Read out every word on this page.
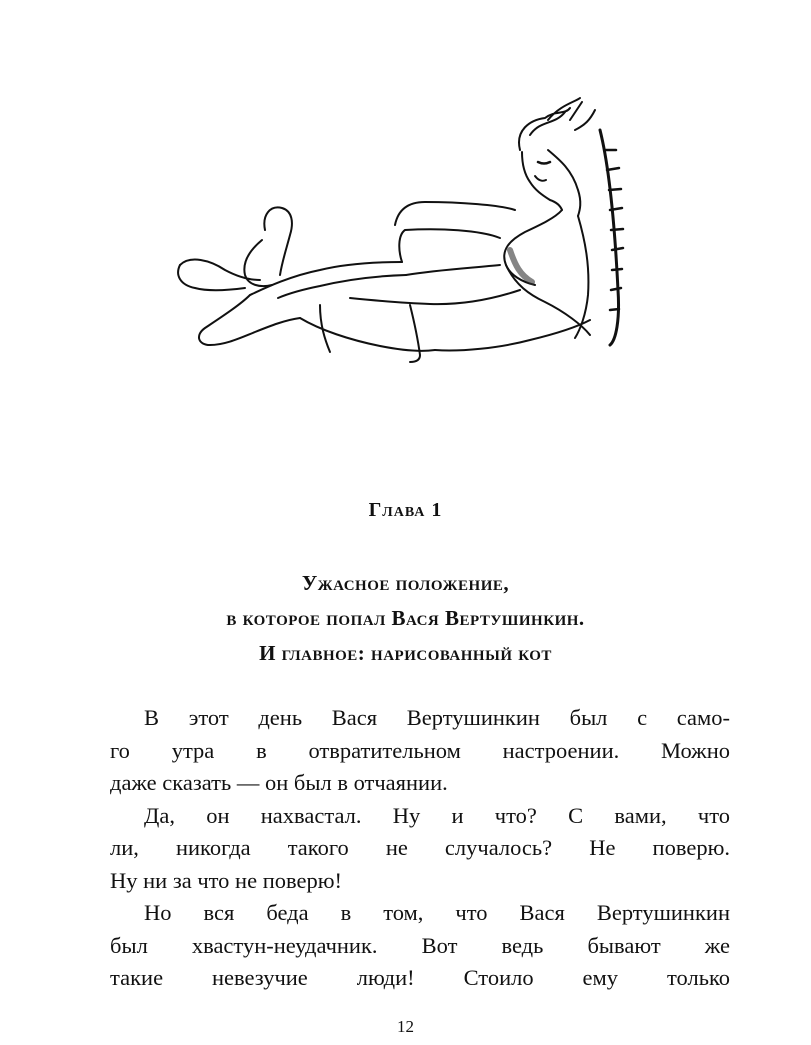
Глава 1
Ужасное положение,
в которое попал Вася Вертушинкин.
И главное: нарисованный кот
В этот день Вася Вертушинкин был с само-
го утра в отвратительном настроении. Можно
даже сказать — он был в отчаянии.
Да, он нахвастал. Ну и что? С вами, что
ли, никогда такого не случалось? Не поверю.
Ну ни за что не поверю!
Но вся беда в том, что Вася Вертушинкин
был хвастун-неудачник. Вот ведь бывают же
такие невезучие люди! Стоило ему только
12
